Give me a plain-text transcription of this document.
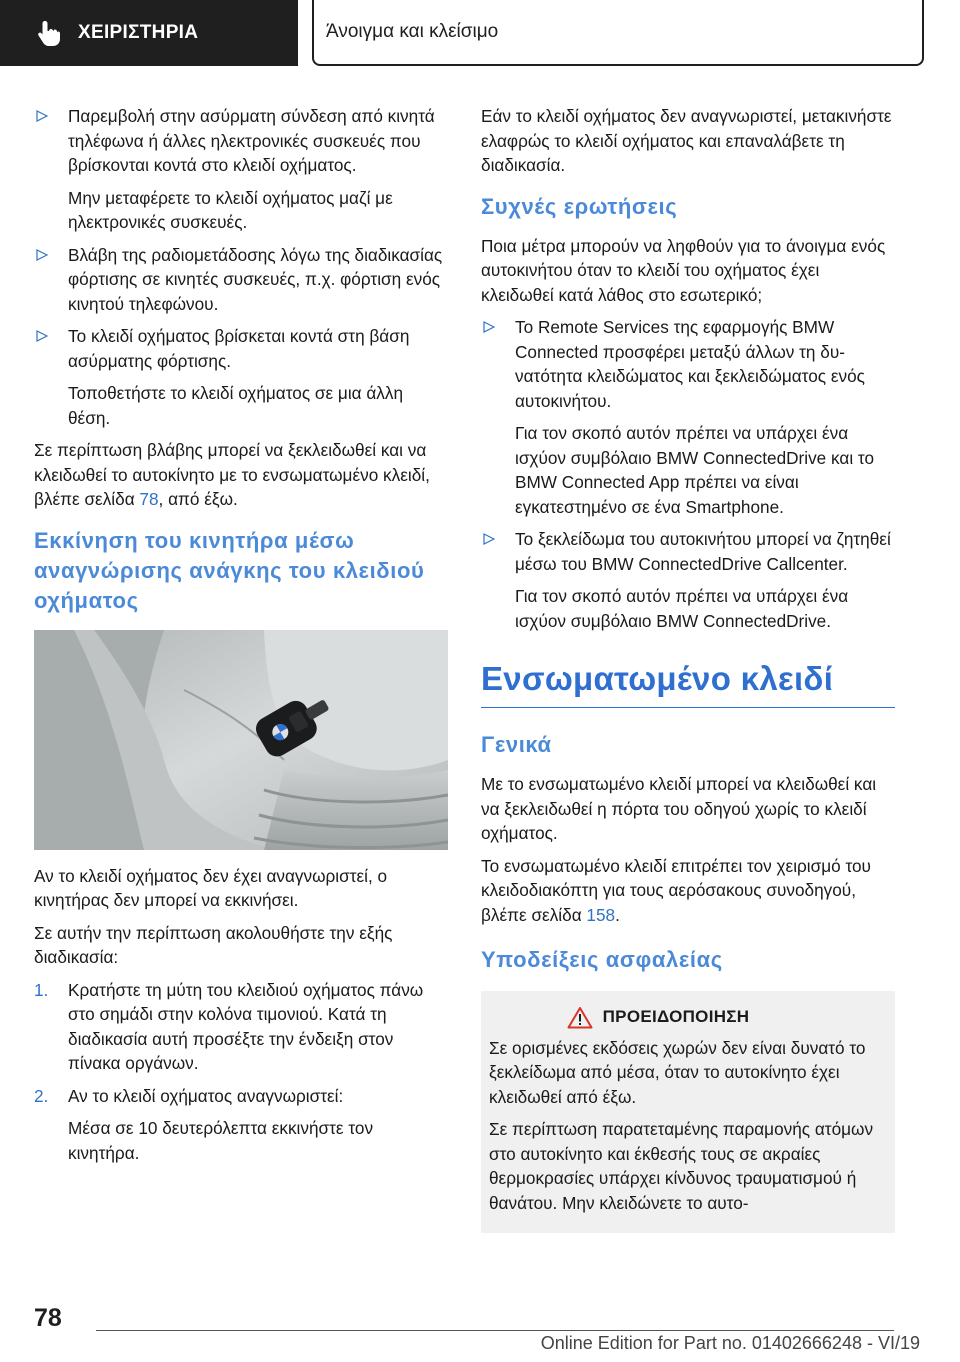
ΧΕΙΡΙΣΤΗΡΙΑ	Άνοιγμα και κλείσιμο
Παρεμβολή στην ασύρματη σύνδεση από κινητά τηλέφωνα ή άλλες ηλεκτρονικές συσκευές που βρίσκονται κοντά στο κλειδί οχήματος.
Μην μεταφέρετε το κλειδί οχήματος μαζί με ηλεκτρονικές συσκευές.
Βλάβη της ραδιομετάδοσης λόγω της διαδικασίας φόρτισης σε κινητές συσκευές, π.χ. φόρτιση ενός κινητού τηλεφώνου.
Το κλειδί οχήματος βρίσκεται κοντά στη βάση ασύρματης φόρτισης.
Τοποθετήστε το κλειδί οχήματος σε μια άλλη θέση.

Σε περίπτωση βλάβης μπορεί να ξεκλειδωθεί και να κλειδωθεί το αυτοκίνητο με το ενσωματωμένο κλειδί, βλέπε σελίδα 78, από έξω.

Εκκίνηση του κινητήρα μέσω αναγνώρισης ανάγκης του κλειδιού οχήματος

Αν το κλειδί οχήματος δεν έχει αναγνωριστεί, ο κινητήρας δεν μπορεί να εκκινήσει.

Σε αυτήν την περίπτωση ακολουθήστε την εξής διαδικασία:

1. Κρατήστε τη μύτη του κλειδιού οχήματος πάνω στο σημάδι στην κολόνα τιμονιού. Κατά τη διαδικασία αυτή προσέξτε την ένδειξη στον πίνακα οργάνων.
2. Αν το κλειδί οχήματος αναγνωριστεί:
Μέσα σε 10 δευτερόλεπτα εκκινήστε τον κινητήρα.

Εάν το κλειδί οχήματος δεν αναγνωριστεί, μετακινήστε ελαφρώς το κλειδί οχήματος και επαναλάβετε τη διαδικασία.

Συχνές ερωτήσεις

Ποια μέτρα μπορούν να ληφθούν για το άνοιγμα ενός αυτοκινήτου όταν το κλειδί του οχήματος έχει κλειδωθεί κατά λάθος στο εσωτερικό;

Το Remote Services της εφαρμογής BMW Connected προσφέρει μεταξύ άλλων τη δυνατότητα κλειδώματος και ξεκλειδώματος ενός αυτοκινήτου.
Για τον σκοπό αυτόν πρέπει να υπάρχει ένα ισχύον συμβόλαιο BMW ConnectedDrive και το BMW Connected App πρέπει να είναι εγκατεστημένο σε ένα Smartphone.
Το ξεκλείδωμα του αυτοκινήτου μπορεί να ζητηθεί μέσω του BMW ConnectedDrive Callcenter.
Για τον σκοπό αυτόν πρέπει να υπάρχει ένα ισχύον συμβόλαιο BMW ConnectedDrive.
Ενσωματωμένο κλειδί
Γενικά

Με το ενσωματωμένο κλειδί μπορεί να κλειδωθεί και να ξεκλειδωθεί η πόρτα του οδηγού χωρίς το κλειδί οχήματος.

Το ενσωματωμένο κλειδί επιτρέπει τον χειρισμό του κλειδοδιακόπτη για τους αερόσακους συνοδηγού, βλέπε σελίδα 158.

Υποδείξεις ασφαλείας
ΠΡΟΕΙΔΟΠΟΙΗΣΗ

Σε ορισμένες εκδόσεις χωρών δεν είναι δυνατό το ξεκλείδωμα από μέσα, όταν το αυτοκίνητο έχει κλειδωθεί από έξω.

Σε περίπτωση παρατεταμένης παραμονής ατόμων στο αυτοκίνητο και έκθεσής τους σε ακραίες θερμοκρασίες υπάρχει κίνδυνος τραυματισμού ή θανάτου. Μην κλειδώνετε το αυτο-

78
Online Edition for Part no. 01402666248 - VI/19
